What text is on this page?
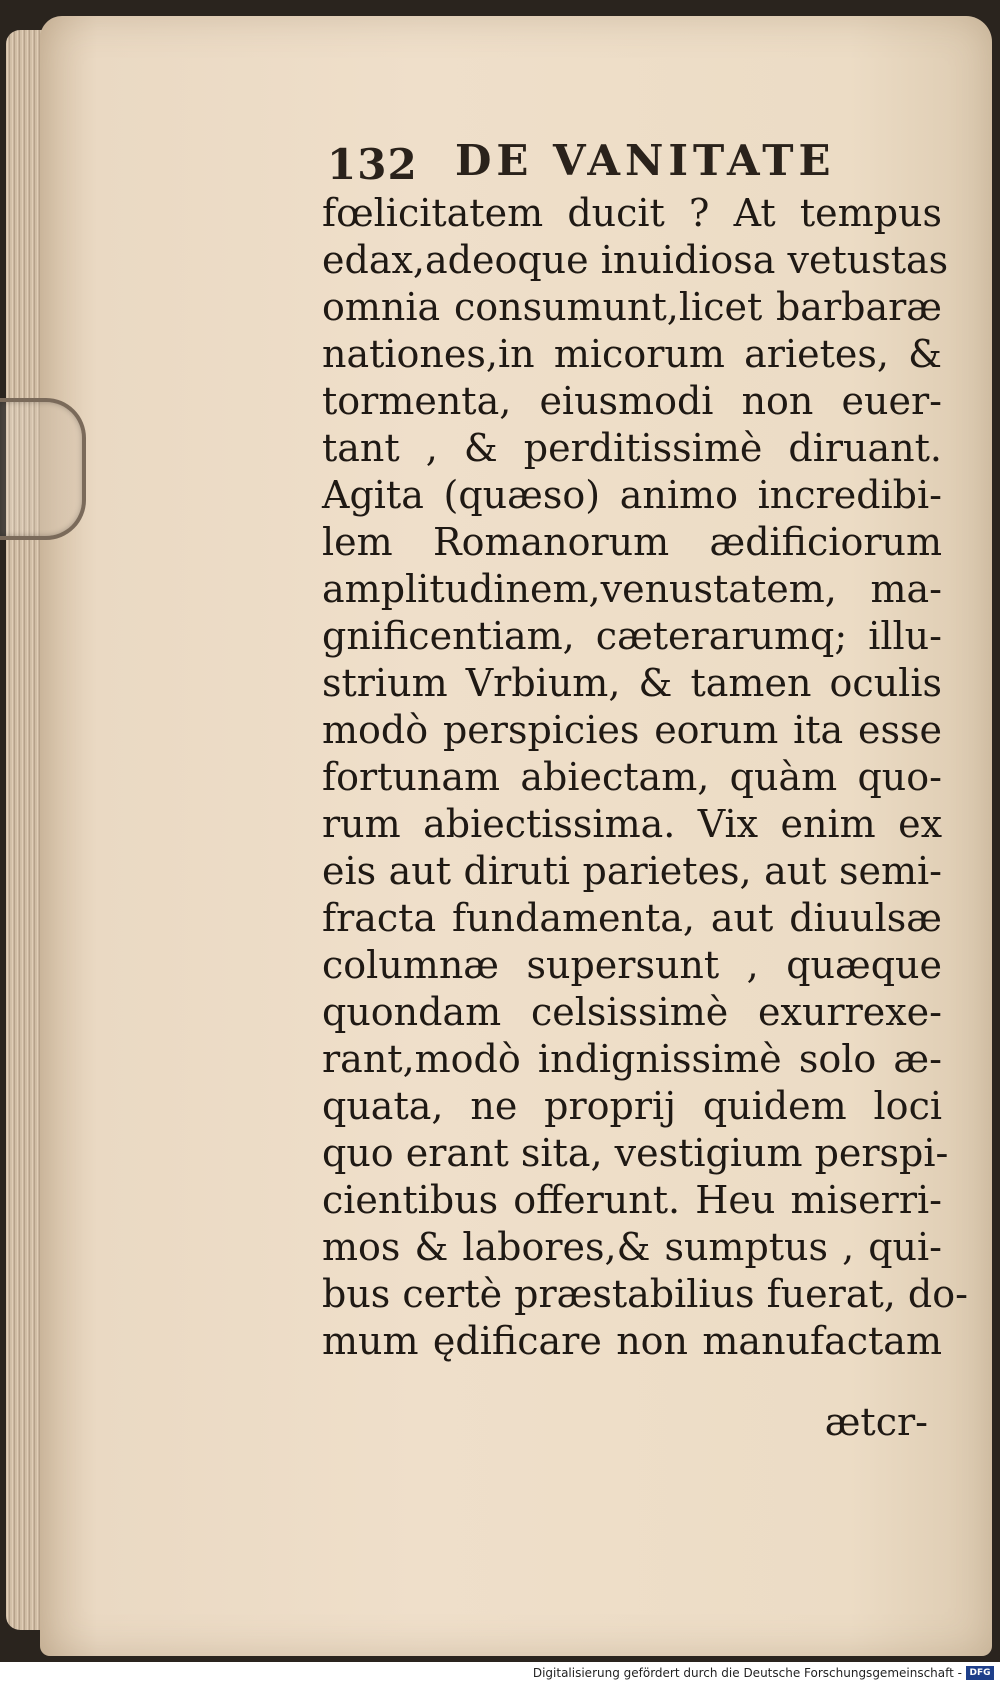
132 DE VANITATE
fœlicitatem ducit ? At tempus
edax,adeoque inuidiosa vetustas
omnia consumunt,licet barbaræ
nationes,in micorum arietes, &
tormenta, eiusmodi non euer-
tant , & perditissimè diruant.
Agita (quæso) animo incredibi-
lem Romanorum ædificiorum
amplitudinem,venustatem, ma-
gnificentiam, cæterarumq; illu-
strium Vrbium, & tamen oculis
modò perspicies eorum ita esse
fortunam abiectam, quàm quo-
rum abiectissima. Vix enim ex
eis aut diruti parietes, aut semi-
fracta fundamenta, aut diuulsæ
columnæ supersunt , quæque
quondam celsissimè exurrexe-
rant,modò indignissimè solo æ-
quata, ne proprij quidem loci
quo erant sita, vestigium perspi-
cientibus offerunt. Heu miserri-
mos & labores,& sumptus , qui-
bus certè præstabilius fuerat, do-
mum ędificare non manufactam
ætcr-
Digitalisierung gefördert durch die Deutsche Forschungsgemeinschaft - DFG
